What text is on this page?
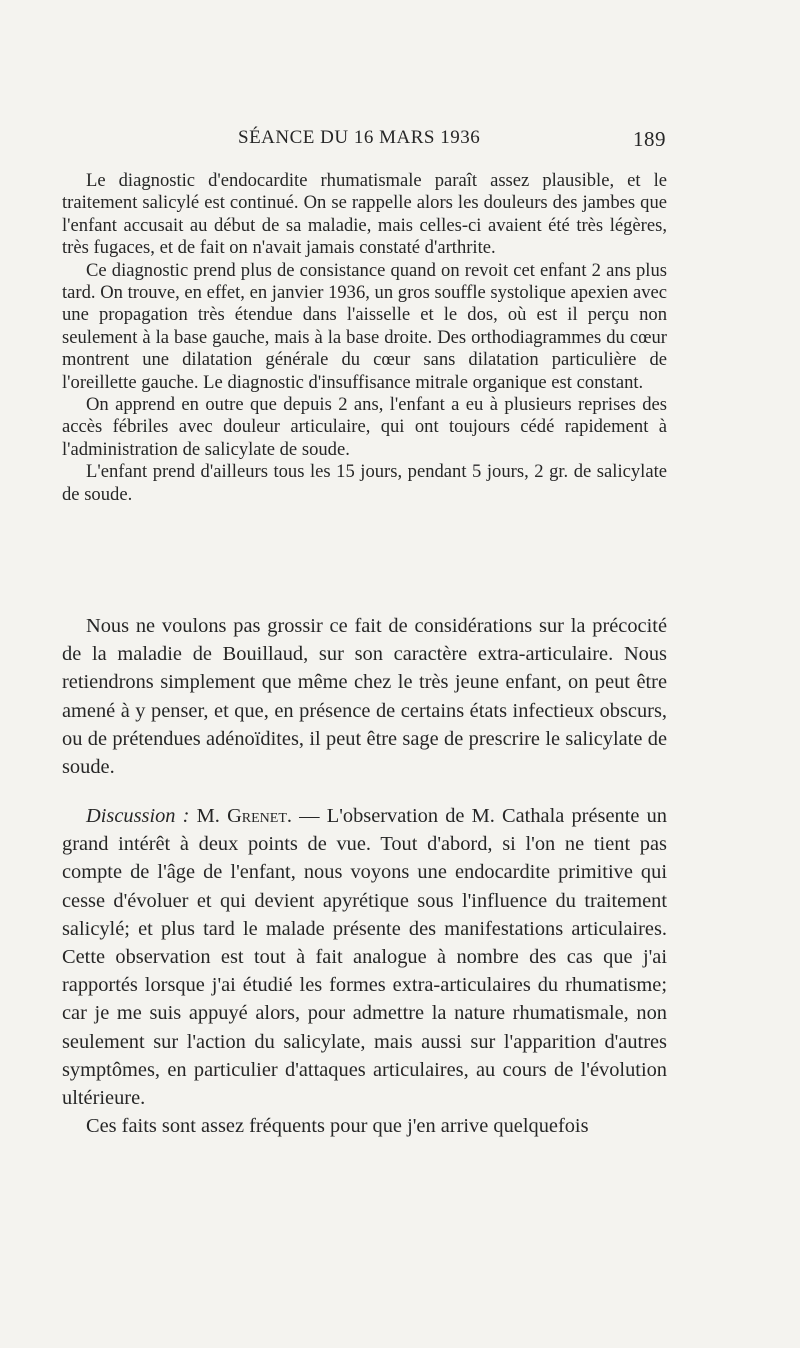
SÉANCE DU 16 MARS 1936	189

Le diagnostic d'endocardite rhumatismale paraît assez plausible, et le traitement salicylé est continué. On se rappelle alors les douleurs des jambes que l'enfant accusait au début de sa maladie, mais celles-ci avaient été très légères, très fugaces, et de fait on n'avait jamais constaté d'arthrite.

Ce diagnostic prend plus de consistance quand on revoit cet enfant 2 ans plus tard. On trouve, en effet, en janvier 1936, un gros souffle systolique apexien avec une propagation très étendue dans l'aisselle et le dos, où est il perçu non seulement à la base gauche, mais à la base droite. Des orthodiagrammes du cœur montrent une dilatation générale du cœur sans dilatation particulière de l'oreillette gauche. Le diagnostic d'insuffisance mitrale organique est constant.

On apprend en outre que depuis 2 ans, l'enfant a eu à plusieurs reprises des accès fébriles avec douleur articulaire, qui ont toujours cédé rapidement à l'administration de salicylate de soude.

L'enfant prend d'ailleurs tous les 15 jours, pendant 5 jours, 2 gr. de salicylate de soude.

Nous ne voulons pas grossir ce fait de considérations sur la précocité de la maladie de Bouillaud, sur son caractère extra-articulaire. Nous retiendrons simplement que même chez le très jeune enfant, on peut être amené à y penser, et que, en présence de certains états infectieux obscurs, ou de prétendues adénoïdites, il peut être sage de prescrire le salicylate de soude.

Discussion : M. Grenet. — L'observation de M. Cathala présente un grand intérêt à deux points de vue. Tout d'abord, si l'on ne tient pas compte de l'âge de l'enfant, nous voyons une endocardite primitive qui cesse d'évoluer et qui devient apyrétique sous l'influence du traitement salicylé; et plus tard le malade présente des manifestations articulaires. Cette observation est tout à fait analogue à nombre des cas que j'ai rapportés lorsque j'ai étudié les formes extra-articulaires du rhumatisme; car je me suis appuyé alors, pour admettre la nature rhumatismale, non seulement sur l'action du salicylate, mais aussi sur l'apparition d'autres symptômes, en particulier d'attaques articulaires, au cours de l'évolution ultérieure.

Ces faits sont assez fréquents pour que j'en arrive quelquefois
